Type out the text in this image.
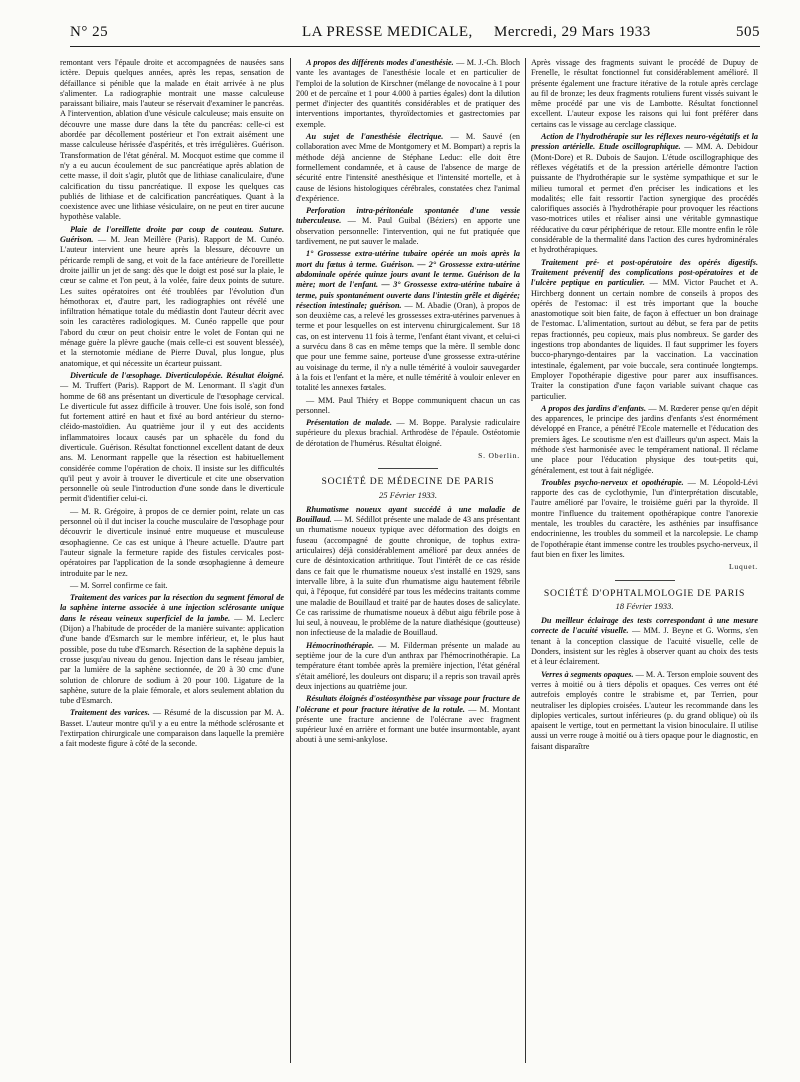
N° 25	LA PRESSE MEDICALE, Mercredi, 29 Mars 1933	505

remontant vers l'épaule droite et accompagnées de nausées sans ictère. Depuis quelques années, après les repas, sensation de défaillance si pénible que la malade en était arrivée à ne plus s'alimenter. La radiographie montrait une masse calculeuse paraissant biliaire, mais l'auteur se réservait d'examiner le pancréas. A l'intervention, ablation d'une vésicule calculeuse; mais ensuite on découvre une masse dure dans la tête du pancréas: celle-ci est abordée par décollement postérieur et l'on extrait aisément une masse calculeuse hérissée d'aspérités, et très irrégulières. Guérison. Transformation de l'état général. M. Mocquot estime que comme il n'y a eu aucun écoulement de suc pancréatique après ablation de cette masse, il doit s'agir, plutôt que de lithiase canaliculaire, d'une calcification du tissu pancréatique. Il expose les quelques cas publiés de lithiase et de calcification pancréatiques. Quant à la coexistence avec une lithiase vésiculaire, on ne peut en tirer aucune hypothèse valable.

Plaie de l'oreillette droite par coup de couteau. Suture. Guérison. — M. Jean Meillère (Paris). Rapport de M. Cunéo. L'auteur intervient une heure après la blessure, découvre un péricarde rempli de sang, et voit de la face antérieure de l'oreillette droite jaillir un jet de sang: dès que le doigt est posé sur la plaie, le cœur se calme et l'on peut, à la volée, faire deux points de suture. Les suites opératoires ont été troublées par l'évolution d'un hémothorax et, d'autre part, les radiographies ont révélé une infiltration hématique totale du médiastin dont l'auteur décrit avec soin les caractères radiologiques. M. Cunéo rappelle que pour l'abord du cœur on peut choisir entre le volet de Fontan qui ne ménage guère la plèvre gauche (mais celle-ci est souvent blessée), et la sternotomie médiane de Pierre Duval, plus longue, plus anatomique, et qui nécessite un écarteur puissant.

Diverticule de l'œsophage. Diverticulopéxie. Résultat éloigné. — M. Truffert (Paris). Rapport de M. Lenormant. Il s'agit d'un homme de 68 ans présentant un diverticule de l'œsophage cervical. Le diverticule fut assez difficile à trouver. Une fois isolé, son fond fut fortement attiré en haut et fixé au bord antérieur du sterno-cléido-mastoïdien. Au quatrième jour il y eut des accidents inflammatoires locaux causés par un sphacèle du fond du diverticule. Guérison. Résultat fonctionnel excellent datant de deux ans. M. Lenormant rappelle que la résection est habituellement considérée comme l'opération de choix. Il insiste sur les difficultés qu'il peut y avoir à trouver le diverticule et cite une observation personnelle où seule l'introduction d'une sonde dans le diverticule permit d'identifier celui-ci.

— M. R. Grégoire, à propos de ce dernier point, relate un cas personnel où il dut inciser la couche musculaire de l'œsophage pour découvrir le diverticule insinué entre muqueuse et musculeuse œsophagienne. Ce cas est unique à l'heure actuelle. D'autre part l'auteur signale la fermeture rapide des fistules cervicales post-opératoires par l'application de la sonde œsophagienne à demeure introduite par le nez.

— M. Sorrel confirme ce fait.

Traitement des varices par la résection du segment fémoral de la saphène interne associée à une injection sclérosante unique dans le réseau veineux superficiel de la jambe. — M. Leclerc (Dijon) a l'habitude de procéder de la manière suivante: application d'une bande d'Esmarch sur le membre inférieur, et, le plus haut possible, pose du tube d'Esmarch. Résection de la saphène depuis la crosse jusqu'au niveau du genou. Injection dans le réseau jambier, par la lumière de la saphène sectionnée, de 20 à 30 cmc d'une solution de chlorure de sodium à 20 pour 100. Ligature de la saphène, suture de la plaie fémorale, et alors seulement ablation du tube d'Esmarch.

Traitement des varices. — Résumé de la discussion par M. A. Basset. L'auteur montre qu'il y a eu entre la méthode sclérosante et l'extirpation chirurgicale une comparaison dans laquelle la première a fait modeste figure à côté de la seconde.

A propos des différents modes d'anesthésie. — M. J.-Ch. Bloch vante les avantages de l'anesthésie locale et en particulier de l'emploi de la solution de Kirschner (mélange de novocaïne à 1 pour 200 et de percaïne et 1 pour 4.000 à parties égales) dont la dilution permet d'injecter des quantités considérables et de pratiquer des interventions importantes, thyroïdectomies et gastrectomies par exemple.

Au sujet de l'anesthésie électrique. — M. Sauvé (en collaboration avec Mme de Montgomery et M. Bompart) a repris la méthode déjà ancienne de Stéphane Leduc: elle doit être formellement condamnée, et à cause de l'absence de marge de sécurité entre l'intensité anesthésique et l'intensité mortelle, et à cause de lésions histologiques cérébrales, constatées chez l'animal d'expérience.

Perforation intra-péritonéale spontanée d'une vessie tuberculeuse. — M. Paul Guibal (Béziers) en apporte une observation personnelle: l'intervention, qui ne fut pratiquée que tardivement, ne put sauver le malade.

1° Grossesse extra-utérine tubaire opérée un mois après la mort du fœtus à terme. Guérison. — 2° Grossesse extra-utérine abdominale opérée quinze jours avant le terme. Guérison de la mère; mort de l'enfant. — 3° Grossesse extra-utérine tubaire à terme, puis spontanément ouverte dans l'intestin grêle et digérée; résection intestinale; guérison. — M. Abadie (Oran), à propos de son deuxième cas, a relevé les grossesses extra-utérines parvenues à terme et pour lesquelles on est intervenu chirurgicalement. Sur 18 cas, on est intervenu 11 fois à terme, l'enfant étant vivant, et celui-ci a survécu dans 8 cas en même temps que la mère. Il semble donc que pour une femme saine, porteuse d'une grossesse extra-utérine au voisinage du terme, il n'y a nulle témérité à vouloir sauvegarder à la fois et l'enfant et la mère, et nulle témérité à vouloir enlever en totalité les annexes fœtales.

— MM. Paul Thiéry et Boppe communiquent chacun un cas personnel.

Présentation de malade. — M. Boppe. Paralysie radiculaire supérieure du plexus brachial. Arthrodèse de l'épaule. Ostéotomie de dérotation de l'humérus. Résultat éloigné.

S. Oberlin.
SOCIÉTÉ DE MÉDECINE DE PARIS
25 Février 1933.

Rhumatisme noueux ayant succédé à une maladie de Bouillaud. — M. Sédillot présente une malade de 43 ans présentant un rhumatisme noueux typique avec déformation des doigts en fuseau (accompagné de goutte chronique, de tophus extra-articulaires) déjà considérablement amélioré par deux années de cure de désintoxication arthritique. Tout l'intérêt de ce cas réside dans ce fait que le rhumatisme noueux s'est installé en 1929, sans intervalle libre, à la suite d'un rhumatisme aigu hautement fébrile qui, à l'époque, fut considéré par tous les médecins traitants comme une maladie de Bouillaud et traité par de hautes doses de salicylate. Ce cas rarissime de rhumatisme noueux à début aigu fébrile pose à lui seul, à nouveau, le problème de la nature diathésique (goutteuse) non infectieuse de la maladie de Bouillaud.

Hémocrinothérapie. — M. Filderman présente un malade au septième jour de la cure d'un anthrax par l'hémocrinothérapie. La température étant tombée après la première injection, l'état général s'était amélioré, les douleurs ont disparu; il a repris son travail après deux injections au quatrième jour.

Résultats éloignés d'ostéosynthèse par vissage pour fracture de l'olécrane et pour fracture itérative de la rotule. — M. Montant présente une fracture ancienne de l'olécrane avec fragment supérieur luxé en arrière et formant une butée insurmontable, ayant abouti à une semi-ankylose.

Après vissage des fragments suivant le procédé de Dupuy de Frenelle, le résultat fonctionnel fut considérablement amélioré. Il présente également une fracture itérative de la rotule après cerclage au fil de bronze; les deux fragments rotuliens furent vissés suivant le même procédé par une vis de Lambotte. Résultat fonctionnel excellent. L'auteur expose les raisons qui lui font préférer dans certains cas le vissage au cerclage classique.

Action de l'hydrothérapie sur les réflexes neuro-végétatifs et la pression artérielle. Etude oscillographique. — MM. A. Debidour (Mont-Dore) et R. Dubois de Saujon. L'étude oscillographique des réflexes végétatifs et de la pression artérielle démontre l'action puissante de l'hydrothérapie sur le système sympathique et sur le milieu tumoral et permet d'en préciser les indications et les modalités; elle fait ressortir l'action synergique des procédés calorifiques associés à l'hydrothérapie pour provoquer les réactions vaso-motrices utiles et réaliser ainsi une véritable gymnastique rééducative du cœur périphérique de retour. Elle montre enfin le rôle considérable de la thermalité dans l'action des cures hydrominérales et hydrothérapiques.

Traitement pré- et post-opératoire des opérés digestifs. Traitement préventif des complications post-opératoires et de l'ulcère peptique en particulier. — MM. Victor Pauchet et A. Hirchberg donnent un certain nombre de conseils à propos des opérés de l'estomac: il est très important que la bouche anastomotique soit bien faite, de façon à effectuer un bon drainage de l'estomac. L'alimentation, surtout au début, se fera par de petits repas fractionnés, peu copieux, mais plus nombreux. Se garder des ingestions trop abondantes de liquides. Il faut supprimer les foyers bucco-pharyngo-dentaires par la vaccination. La vaccination intestinale, également, par voie buccale, sera continuée longtemps. Employer l'opothérapie digestive pour parer aux insuffisances. Traiter la constipation d'une façon variable suivant chaque cas particulier.

A propos des jardins d'enfants. — M. Rœderer pense qu'en dépit des apparences, le principe des jardins d'enfants s'est énormément développé en France, a pénétré l'Ecole maternelle et l'éducation des premiers âges. Le scoutisme n'en est d'ailleurs qu'un aspect. Mais la méthode s'est harmonisée avec le tempérament national. Il réclame une place pour l'éducation physique des tout-petits qui, généralement, est tout à fait négligée.

Troubles psycho-nerveux et opothérapie. — M. Léopold-Lévi rapporte des cas de cyclothymie, l'un d'interprétation discutable, l'autre amélioré par l'ovaire, le troisième guéri par la thyroïde. Il montre l'influence du traitement opothérapique contre l'anorexie mentale, les troubles du caractère, les asthénies par insuffisance endocrinienne, les troubles du sommeil et la narcolepsie. Le champ de l'opothérapie étant immense contre les troubles psycho-nerveux, il faut bien en fixer les limites.

Luquet.
SOCIÉTÉ D'OPHTALMOLOGIE DE PARIS
18 Février 1933.

Du meilleur éclairage des tests correspondant à une mesure correcte de l'acuité visuelle. — MM. J. Beyne et G. Worms, s'en tenant à la conception classique de l'acuité visuelle, celle de Donders, insistent sur les règles à observer quant au choix des tests et à leur éclairement.

Verres à segments opaques. — M. A. Terson emploie souvent des verres à moitié ou à tiers dépolis et opaques. Ces verres ont été autrefois employés contre le strabisme et, par Terrien, pour neutraliser les diplopies croisées. L'auteur les recommande dans les diplopies verticales, surtout inférieures (p. du grand oblique) où ils apaisent le vertige, tout en permettant la vision binoculaire. Il utilise aussi un verre rouge à moitié ou à tiers opaque pour le diagnostic, en faisant disparaître
